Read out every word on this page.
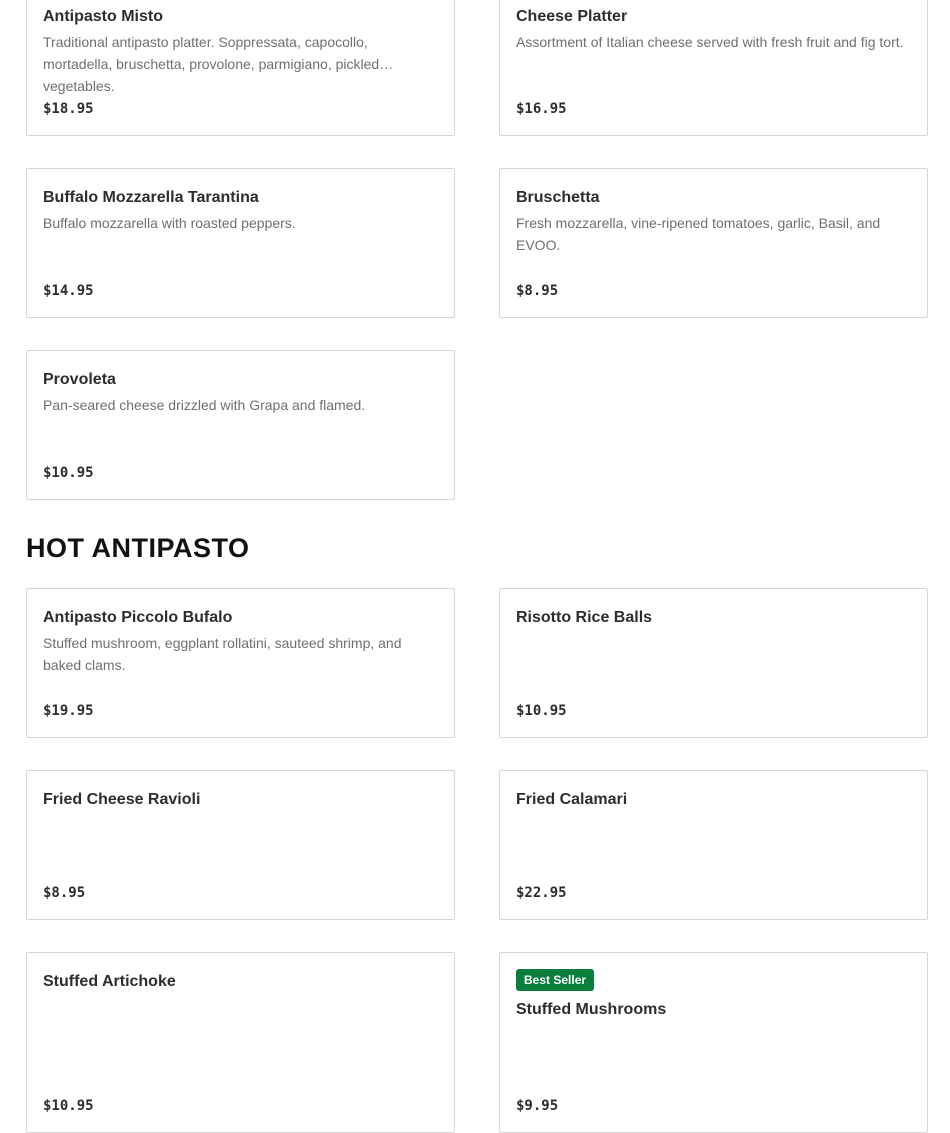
Antipasto Misto
Traditional antipasto platter. Soppressata, capocollo, mortadella, bruschetta, provolone, parmigiano, pickled vegetables.
$18.95
Cheese Platter
Assortment of Italian cheese served with fresh fruit and fig tort.
$16.95
Buffalo Mozzarella Tarantina
Buffalo mozzarella with roasted peppers.
$14.95
Bruschetta
Fresh mozzarella, vine-ripened tomatoes, garlic, Basil, and EVOO.
$8.95
Provoleta
Pan-seared cheese drizzled with Grapa and flamed.
$10.95
HOT ANTIPASTO
Antipasto Piccolo Bufalo
Stuffed mushroom, eggplant rollatini, sauteed shrimp, and baked clams.
$19.95
Risotto Rice Balls
$10.95
Fried Cheese Ravioli
$8.95
Fried Calamari
$22.95
Stuffed Artichoke
$10.95
Best Seller
Stuffed Mushrooms
$9.95
